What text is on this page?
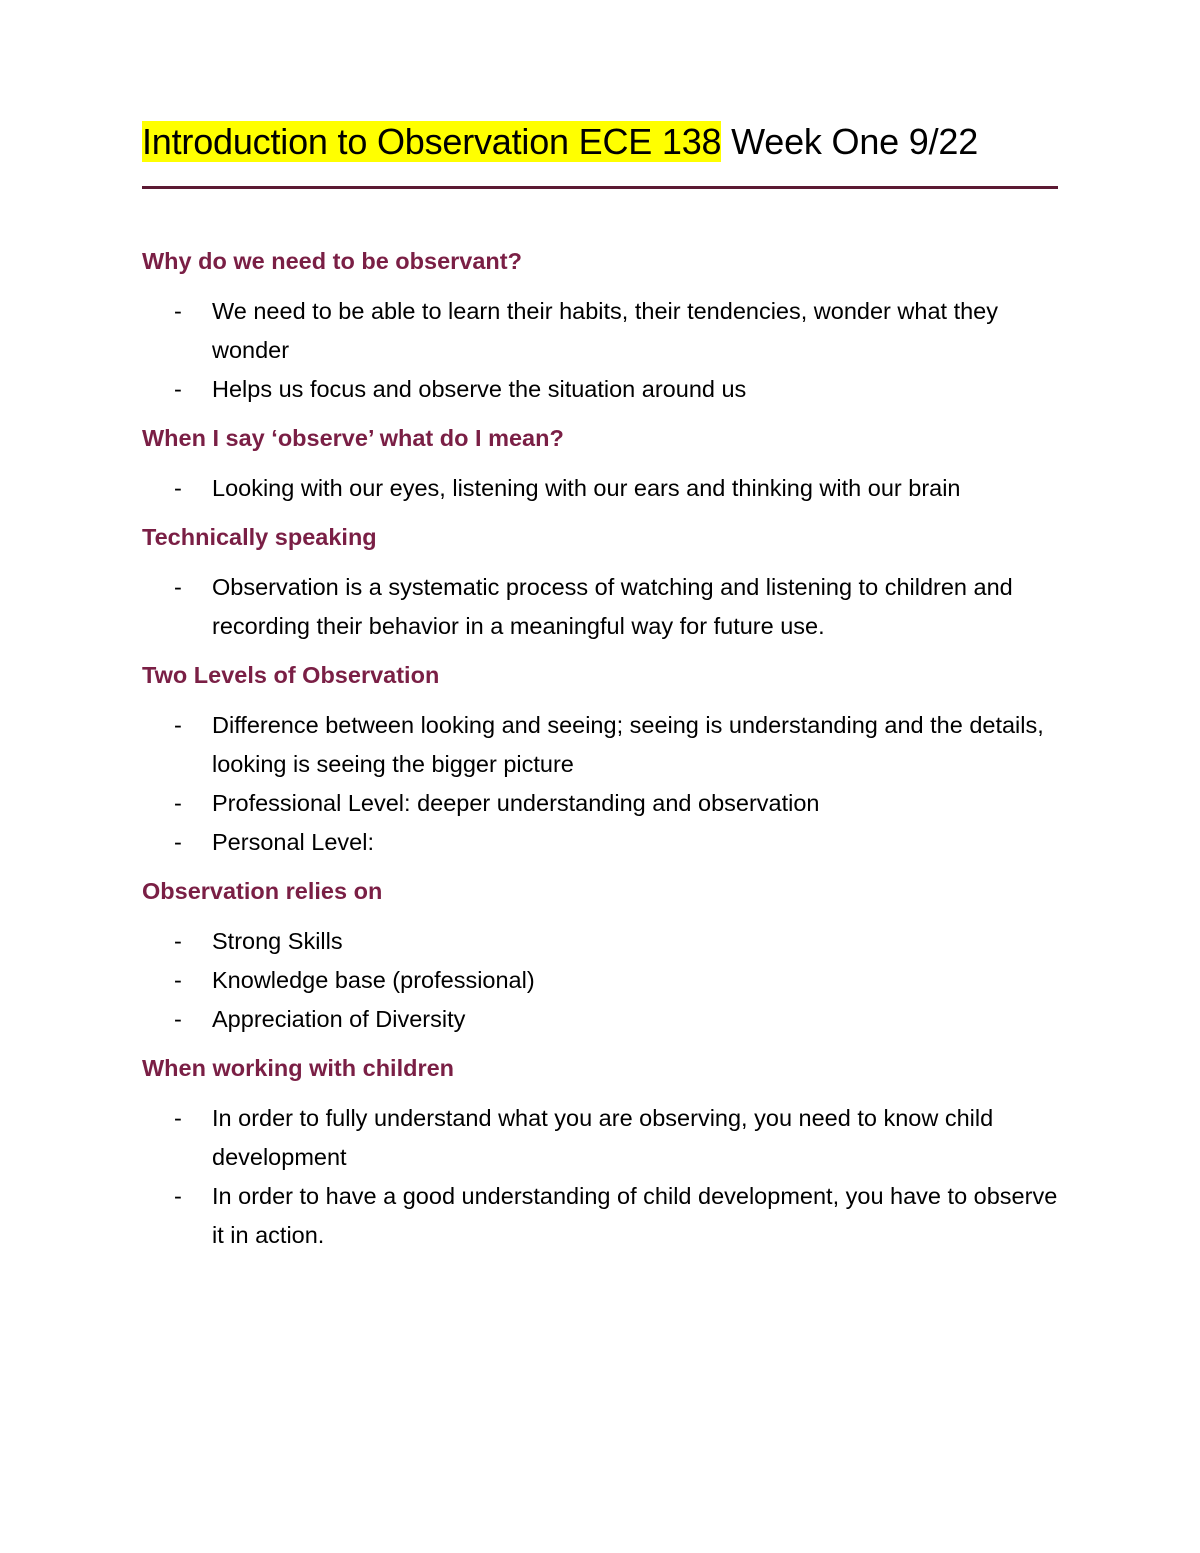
Introduction to Observation ECE 138 Week One 9/22
Why do we need to be observant?
- We need to be able to learn their habits, their tendencies, wonder what they wonder
- Helps us focus and observe the situation around us
When I say ‘observe’ what do I mean?
- Looking with our eyes, listening with our ears and thinking with our brain
Technically speaking
- Observation is a systematic process of watching and listening to children and recording their behavior in a meaningful way for future use.
Two Levels of Observation
- Difference between looking and seeing; seeing is understanding and the details, looking is seeing the bigger picture
- Professional Level: deeper understanding and observation
- Personal Level:
Observation relies on
- Strong Skills
- Knowledge base (professional)
- Appreciation of Diversity
When working with children
- In order to fully understand what you are observing, you need to know child development
- In order to have a good understanding of child development, you have to observe it in action.
